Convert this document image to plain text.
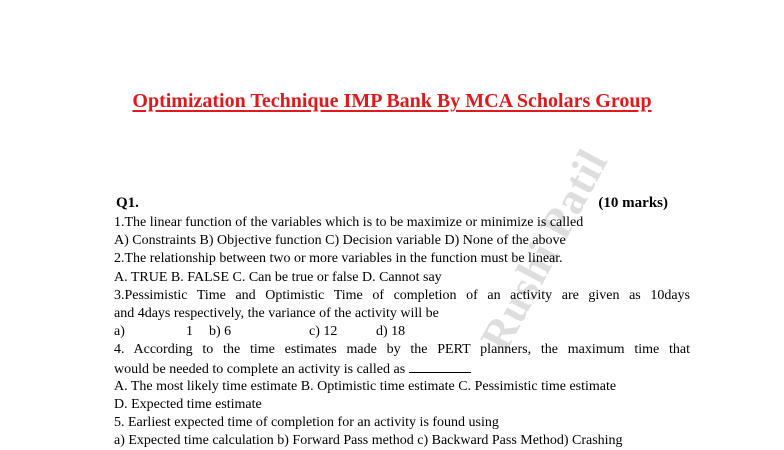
Rushi Patil
Optimization Technique IMP Bank By MCA Scholars Group
Q1.	(10 marks)
1.The linear function of the variables which is to be maximize or minimize is called
A) Constraints B) Objective function C) Decision variable D) None of the above
2.The relationship between two or more variables in the function must be linear.
A. TRUE B. FALSE C. Can be true or false D. Cannot say
3.Pessimistic Time and Optimistic Time of completion of an activity are given as 10days
and 4days respectively, the variance of the activity will be
a)	1 b) 6	c) 12	d) 18
4. According to the time estimates made by the PERT planners, the maximum time that
would be needed to complete an activity is called as
A. The most likely time estimate B. Optimistic time estimate C. Pessimistic time estimate
D. Expected time estimate
5. Earliest expected time of completion for an activity is found using
a) Expected time calculation b) Forward Pass method c) Backward Pass Method) Crashing
